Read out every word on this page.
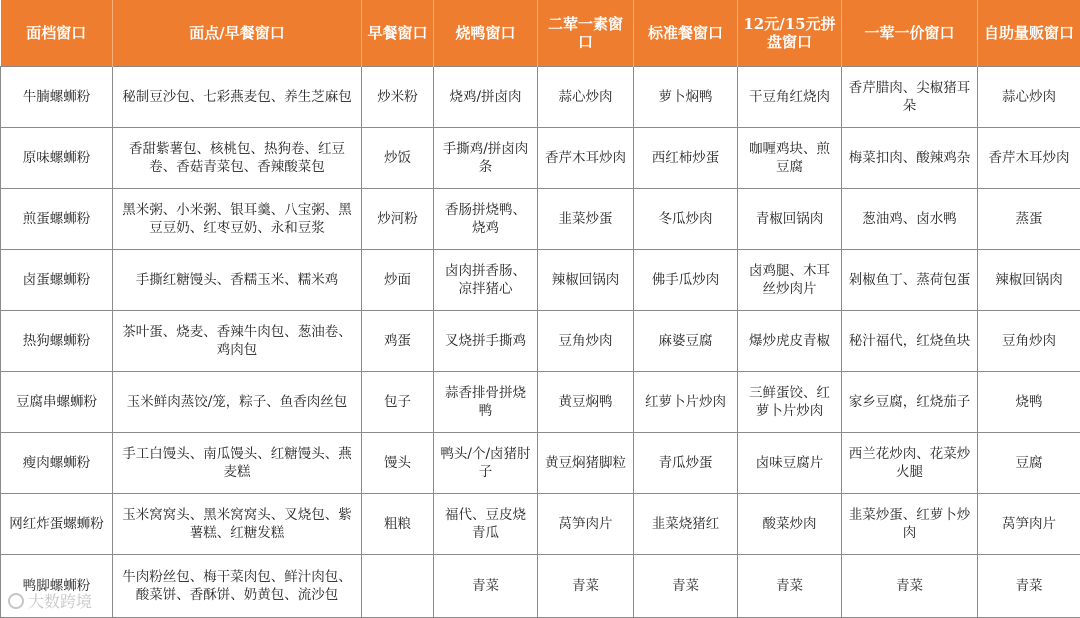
面档窗口	面点/早餐窗口	早餐窗口	烧鸭窗口	二荤一素窗口	标准餐窗口	12元/15元拼盘窗口	一荤一价窗口	自助量贩窗口
牛腩螺蛳粉	秘制豆沙包、七彩燕麦包、养生芝麻包	炒米粉	烧鸡/拼卤肉	蒜心炒肉	萝卜焖鸭	干豆角红烧肉	香芹腊肉、尖椒猪耳朵	蒜心炒肉
原味螺蛳粉	香甜紫薯包、核桃包、热狗卷、红豆卷、香菇青菜包、香辣酸菜包	炒饭	手撕鸡/拼卤肉条	香芹木耳炒肉	西红柿炒蛋	咖喱鸡块、煎豆腐	梅菜扣肉、酸辣鸡杂	香芹木耳炒肉
煎蛋螺蛳粉	黑米粥、小米粥、银耳羹、八宝粥、黑豆豆奶、红枣豆奶、永和豆浆	炒河粉	香肠拼烧鸭、烧鸡	韭菜炒蛋	冬瓜炒肉	青椒回锅肉	葱油鸡、卤水鸭	蒸蛋
卤蛋螺蛳粉	手撕红糖馒头、香糯玉米、糯米鸡	炒面	卤肉拼香肠、凉拌猪心	辣椒回锅肉	佛手瓜炒肉	卤鸡腿、木耳丝炒肉片	剁椒鱼丁、蒸荷包蛋	辣椒回锅肉
热狗螺蛳粉	茶叶蛋、烧麦、香辣牛肉包、葱油卷、鸡肉包	鸡蛋	叉烧拼手撕鸡	豆角炒肉	麻婆豆腐	爆炒虎皮青椒	秘汁福代，红烧鱼块	豆角炒肉
豆腐串螺蛳粉	玉米鲜肉蒸饺/笼，粽子、鱼香肉丝包	包子	蒜香排骨拼烧鸭	黄豆焖鸭	红萝卜片炒肉	三鲜蛋饺、红萝卜片炒肉	家乡豆腐，红烧茄子	烧鸭
瘦肉螺蛳粉	手工白馒头、南瓜馒头、红糖馒头、燕麦糕	馒头	鸭头/个/卤猪肘子	黄豆焖猪脚粒	青瓜炒蛋	卤味豆腐片	西兰花炒肉、花菜炒火腿	豆腐
网红炸蛋螺蛳粉	玉米窝窝头、黑米窝窝头、叉烧包、紫薯糕、红糖发糕	粗粮	福代、豆皮烧青瓜	莴笋肉片	韭菜烧猪红	酸菜炒肉	韭菜炒蛋、红萝卜炒肉	莴笋肉片
鸭脚螺蛳粉	牛肉粉丝包、梅干菜肉包、鲜汁肉包、酸菜饼、香酥饼、奶黄包、流沙包		青菜	青菜	青菜	青菜	青菜	青菜
大数跨境
